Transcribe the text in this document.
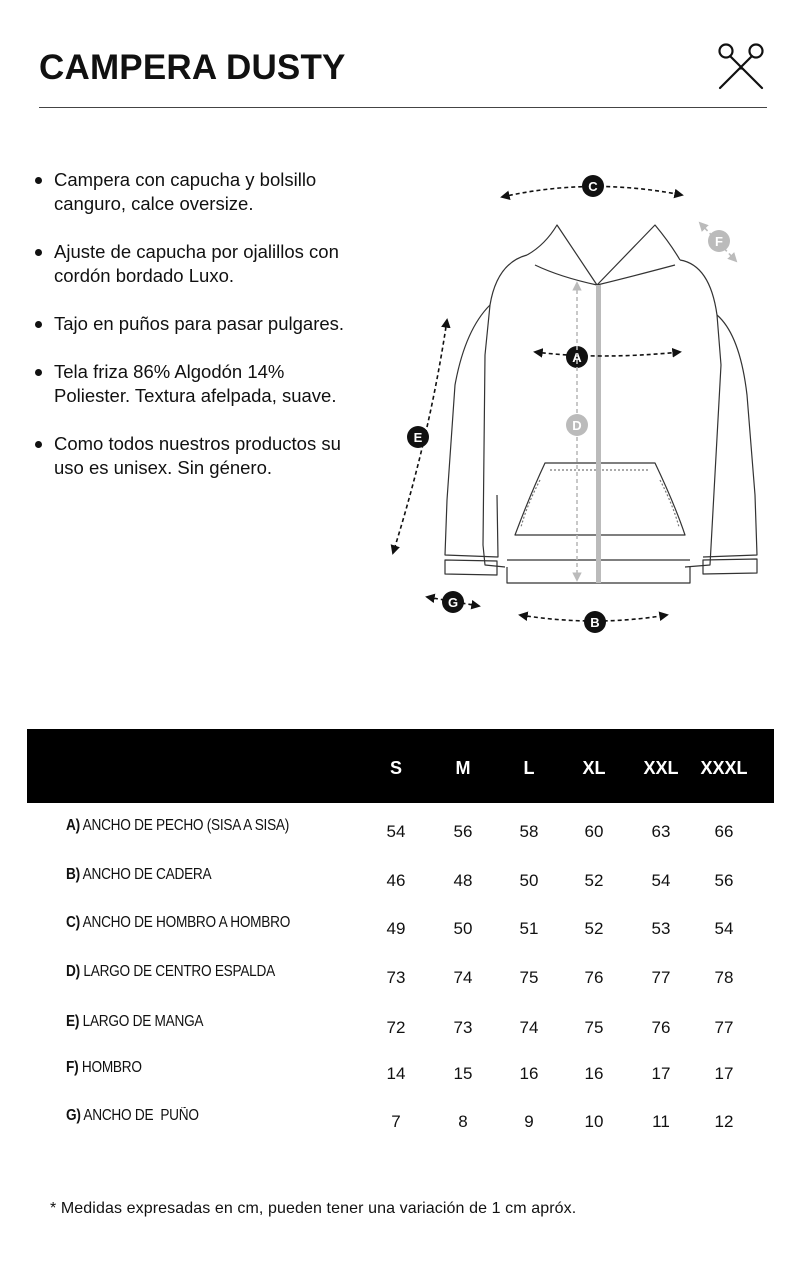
CAMPERA DUSTY
Campera con capucha y bolsillo canguro, calce oversize.
Ajuste de capucha por ojalillos con cordón bordado Luxo.
Tajo en puños para pasar pulgares.
Tela friza 86% Algodón 14% Poliester. Textura afelpada, suave.
Como todos nuestros productos su uso es unisex. Sin género.
A
B
C
D
E
F
G
S	M	L	XL	XXL	XXXL
A) ANCHO DE PECHO (SISA A SISA)	54	56	58	60	63	66
B) ANCHO DE CADERA	46	48	50	52	54	56
C) ANCHO DE HOMBRO A HOMBRO	49	50	51	52	53	54
D) LARGO DE CENTRO ESPALDA	73	74	75	76	77	78
E) LARGO DE MANGA	72	73	74	75	76	77
F) HOMBRO	14	15	16	16	17	17
G) ANCHO DE  PUÑO	7	8	9	10	11	12
* Medidas expresadas en cm, pueden tener una variación de 1 cm apróx.
